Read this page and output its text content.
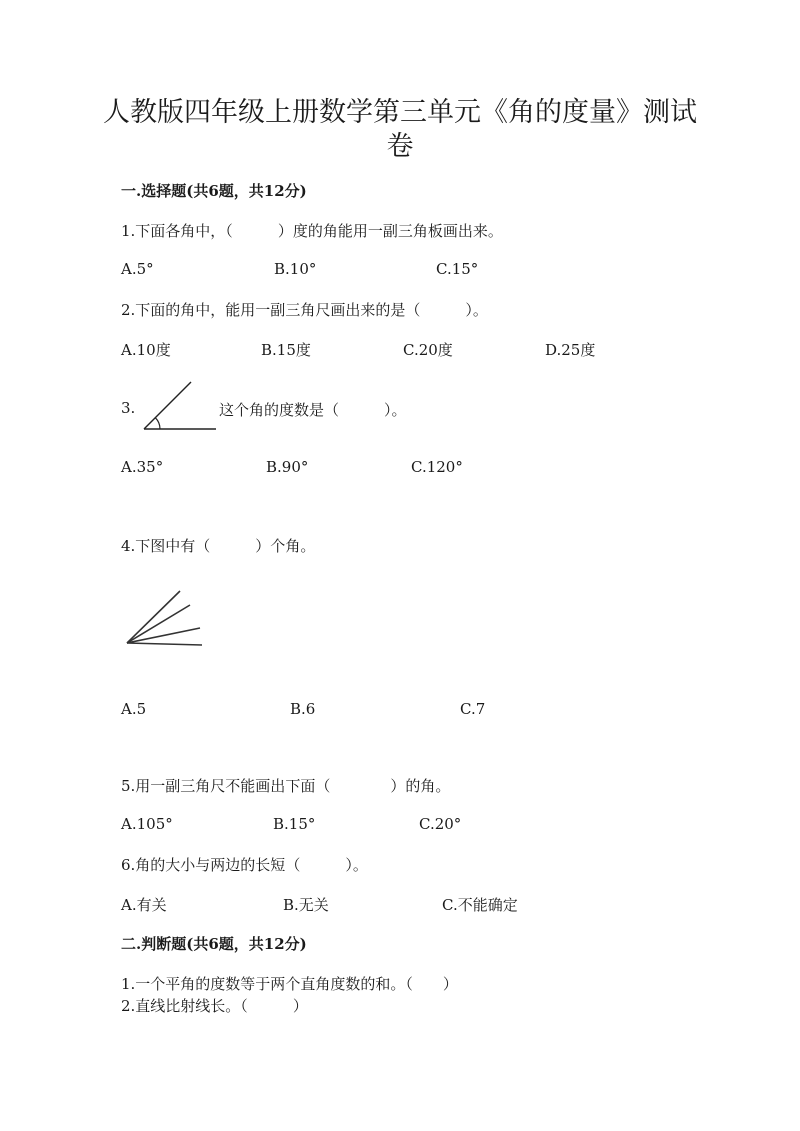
人教版四年级上册数学第三单元《角的度量》测试
卷
一.选择题(共6题，共12分)
1.下面各角中，（　　　）度的角能用一副三角板画出来。
A.5°	B.10°	C.15°
2.下面的角中，能用一副三角尺画出来的是（　　　）。
A.10度	B.15度	C.20度	D.25度
3.	这个角的度数是（　　　）。
A.35°	B.90°	C.120°
4.下图中有（　　　）个角。
A.5	B.6	C.7
5.用一副三角尺不能画出下面（　　　　）的角。
A.105°	B.15°	C.20°
6.角的大小与两边的长短（　　　）。
A.有关	B.无关	C.不能确定
二.判断题(共6题，共12分)
1.一个平角的度数等于两个直角度数的和。（　　）
2.直线比射线长。（　　　）
